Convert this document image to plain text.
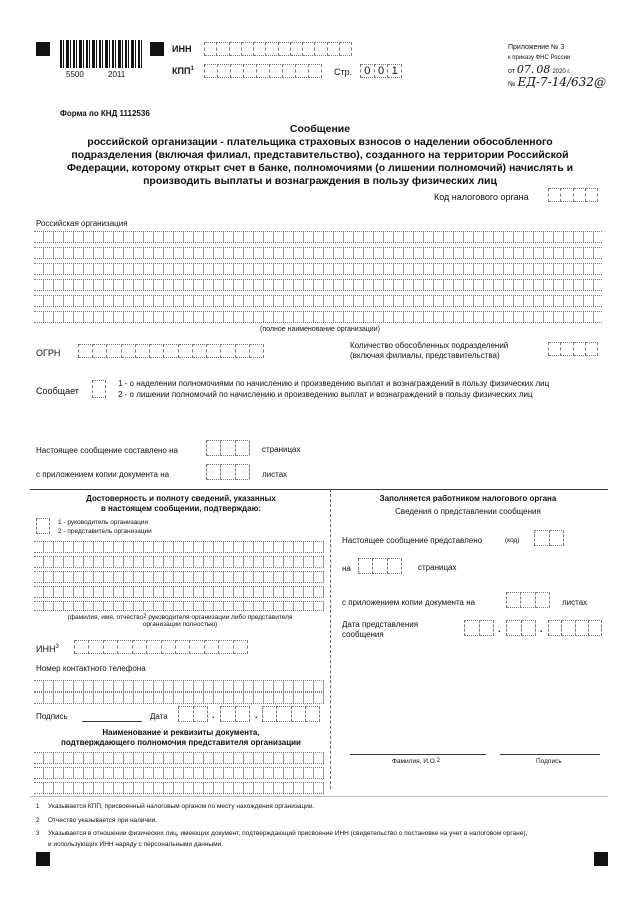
5500	2011
ИНН
КПП$^1$	Стр. 0 0 1
Приложение № 3
к приказу ФНС России
от 07. 08 2020 г.
№ ЕД-7-14/632@
Форма по КНД 1112536
Сообщение
российской организации - плательщика страховых взносов о наделении обособленного
подразделения (включая филиал, представительство), созданного на территории Российской
Федерации, которому открыт счет в банке, полномочиями (о лишении полномочий) начислять и
производить выплаты и вознаграждения в пользу физических лиц
Код налогового органа
Российская организация
(полное наименование организации)
ОГРН
Количество обособленных подразделений
(включая филиалы, представительства)
Сообщает
1 - о наделении полномочиями по начислению и произведению выплат и вознаграждений в пользу физических лиц
2 - о лишении полномочий по начислению и произведению выплат и вознаграждений в пользу физических лиц
Настоящее сообщение составлено на	страницах
с приложением копии документа на	листах
Достоверность и полноту сведений, указанных
в настоящем сообщении, подтверждаю:
1 - руководитель организации
2 - представитель организации
(фамилия, имя, отчество2 руководителя организации либо представителя
организации полностью)
ИНН$^3$
Номер контактного телефона
Подпись	Дата	.	.
Наименование и реквизиты документа,
подтверждающего полномочия представителя организации
Заполняется работником налогового органа
Сведения о представлении сообщения
Настоящее сообщение представлено	(код)
на	страницах
с приложением копии документа на	листах
Дата представления
сообщения
.	.
Фамилия, И.О.2	Подпись
1 Указывается КПП, присвоенный налоговым органом по месту нахождения организации.
2 Отчество указывается при наличии.
3 Указывается в отношении физических лиц, имеющих документ, подтверждающий присвоение ИНН (свидетельство о постановке на учет в налоговом органе),
и использующих ИНН наряду с персональными данными.
